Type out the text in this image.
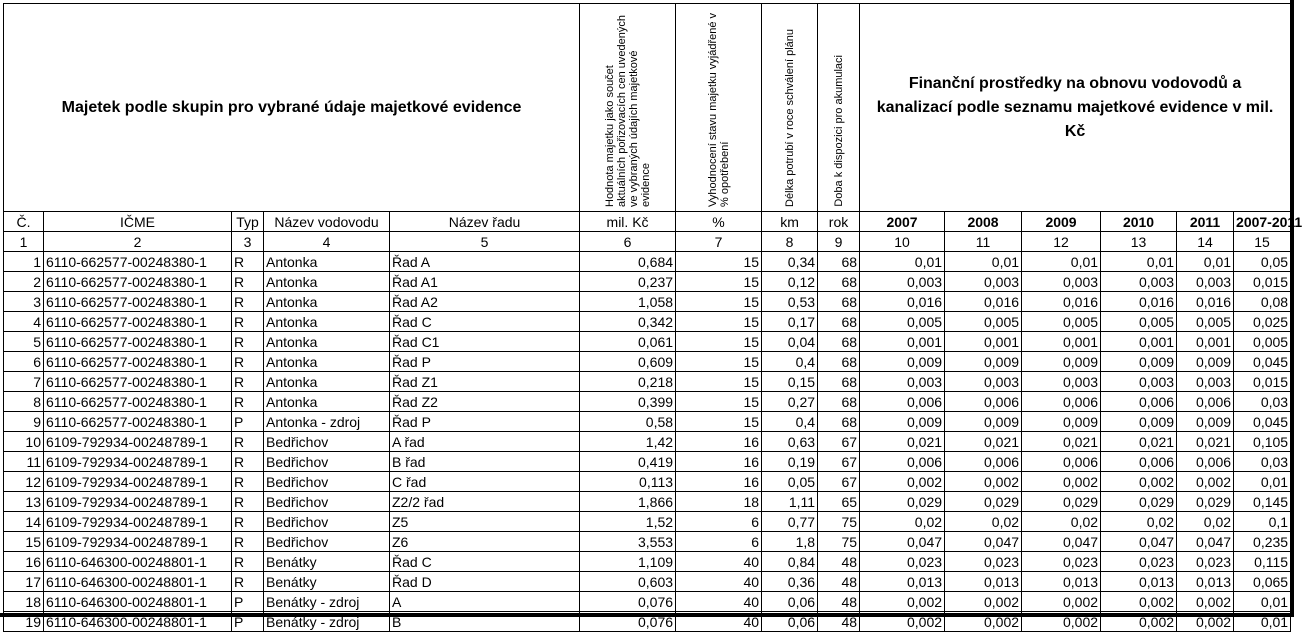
Majetek podle skupin pro vybrané údaje majetkové evidence					Hodnota majetku jako součet aktuálních pořizovacích cen uvedených ve vybraných údajích majetkové evidence	Vyhodnocení stavu majetku vyjádřené v % opotřebení	Délka potrubí v roce schválení plánu	Doba k dispozici pro akumulaci	Finanční prostředky na obnovu vodovodů a kanalizací podle seznamu majetkové evidence v mil. Kč					
Č.	IČME	Typ	Název vodovodu	Název řadu	mil. Kč	%	km	rok	2007	2008	2009	2010	2011	2007-2011
1	2	3	4	5	6	7	8	9	10	11	12	13	14	15
1	6110-662577-00248380-1	R	Antonka	Řad A	0,684	15	0,34	68	0,01	0,01	0,01	0,01	0,01	0,05
2	6110-662577-00248380-1	R	Antonka	Řad A1	0,237	15	0,12	68	0,003	0,003	0,003	0,003	0,003	0,015
3	6110-662577-00248380-1	R	Antonka	Řad A2	1,058	15	0,53	68	0,016	0,016	0,016	0,016	0,016	0,08
4	6110-662577-00248380-1	R	Antonka	Řad C	0,342	15	0,17	68	0,005	0,005	0,005	0,005	0,005	0,025
5	6110-662577-00248380-1	R	Antonka	Řad C1	0,061	15	0,04	68	0,001	0,001	0,001	0,001	0,001	0,005
6	6110-662577-00248380-1	R	Antonka	Řad P	0,609	15	0,4	68	0,009	0,009	0,009	0,009	0,009	0,045
7	6110-662577-00248380-1	R	Antonka	Řad Z1	0,218	15	0,15	68	0,003	0,003	0,003	0,003	0,003	0,015
8	6110-662577-00248380-1	R	Antonka	Řad Z2	0,399	15	0,27	68	0,006	0,006	0,006	0,006	0,006	0,03
9	6110-662577-00248380-1	P	Antonka - zdroj	Řad P	0,58	15	0,4	68	0,009	0,009	0,009	0,009	0,009	0,045
10	6109-792934-00248789-1	R	Bedřichov	A řad	1,42	16	0,63	67	0,021	0,021	0,021	0,021	0,021	0,105
11	6109-792934-00248789-1	R	Bedřichov	B řad	0,419	16	0,19	67	0,006	0,006	0,006	0,006	0,006	0,03
12	6109-792934-00248789-1	R	Bedřichov	C řad	0,113	16	0,05	67	0,002	0,002	0,002	0,002	0,002	0,01
13	6109-792934-00248789-1	R	Bedřichov	Z2/2 řad	1,866	18	1,11	65	0,029	0,029	0,029	0,029	0,029	0,145
14	6109-792934-00248789-1	R	Bedřichov	Z5	1,52	6	0,77	75	0,02	0,02	0,02	0,02	0,02	0,1
15	6109-792934-00248789-1	R	Bedřichov	Z6	3,553	6	1,8	75	0,047	0,047	0,047	0,047	0,047	0,235
16	6110-646300-00248801-1	R	Benátky	Řad C	1,109	40	0,84	48	0,023	0,023	0,023	0,023	0,023	0,115
17	6110-646300-00248801-1	R	Benátky	Řad D	0,603	40	0,36	48	0,013	0,013	0,013	0,013	0,013	0,065
18	6110-646300-00248801-1	P	Benátky - zdroj	A	0,076	40	0,06	48	0,002	0,002	0,002	0,002	0,002	0,01
19	6110-646300-00248801-1	P	Benátky - zdroj	B	0,076	40	0,06	48	0,002	0,002	0,002	0,002	0,002	0,01
